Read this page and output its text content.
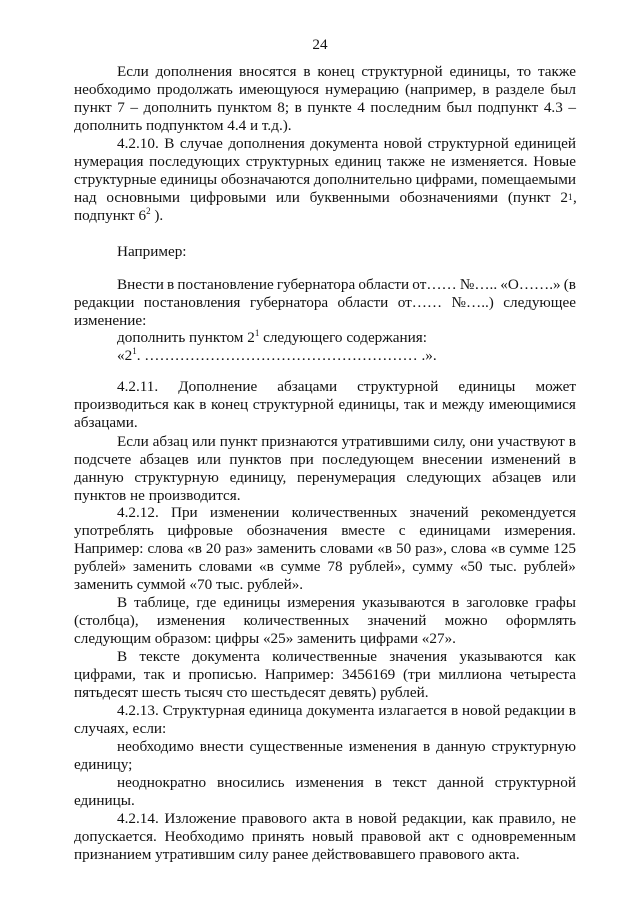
24
Если дополнения вносятся в конец структурной единицы, то также
необходимо продолжать имеющуюся нумерацию (например, в разделе был
пункт 7 – дополнить пунктом 8; в пункте 4 последним был подпункт 4.3 –
дополнить подпунктом 4.4 и т.д.).
4.2.10. В случае дополнения документа новой структурной единицей
нумерация последующих структурных единиц также не изменяется. Новые
структурные единицы обозначаются дополнительно цифрами, помещаемыми
над основными цифровыми или буквенными обозначениями (пункт 2 1 ,
подпункт $6^2$ ).
Например:
Внести в постановление губернатора области от…… №….. «О…….» (в
редакции постановления губернатора области от…… №…..) следующее
изменение:
дополнить пунктом $2^1$ следующего содержания:
«$2^1$. ……………………………………………… .».
4.2.11. Дополнение абзацами структурной единицы может
производиться как в конец структурной единицы, так и между имеющимися
абзацами.
Если абзац или пункт признаются утратившими силу, они участвуют в
подсчете абзацев или пунктов при последующем внесении изменений в
данную структурную единицу, перенумерация следующих абзацев или
пунктов не производится.
4.2.12. При изменении количественных значений рекомендуется
употреблять цифровые обозначения вместе с единицами измерения.
Например: слова «в 20 раз» заменить словами «в 50 раз», слова «в сумме 125
рублей» заменить словами «в сумме 78 рублей», сумму «50 тыс. рублей»
заменить суммой «70 тыс. рублей».
В таблице, где единицы измерения указываются в заголовке графы
(столбца), изменения количественных значений можно оформлять
следующим образом: цифры «25» заменить цифрами «27».
В тексте документа количественные значения указываются как
цифрами, так и прописью. Например: 3456169 (три миллиона четыреста
пятьдесят шесть тысяч сто шестьдесят девять) рублей.
4.2.13. Структурная единица документа излагается в новой редакции в
случаях, если:
необходимо внести существенные изменения в данную структурную
единицу;
неоднократно вносились изменения в текст данной структурной
единицы.
4.2.14. Изложение правового акта в новой редакции, как правило, не
допускается. Необходимо принять новый правовой акт с одновременным
признанием утратившим силу ранее действовавшего правового акта.
